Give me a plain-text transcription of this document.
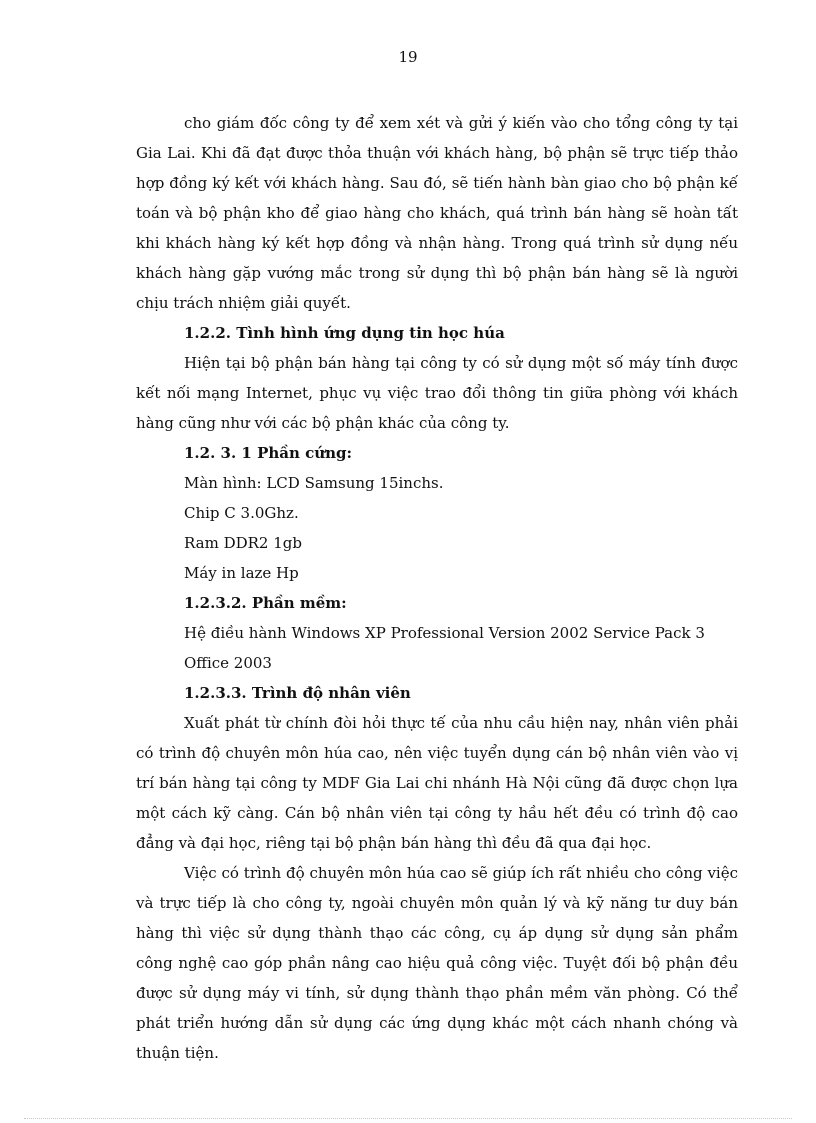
19

cho giám đốc công ty để xem xét và gửi ý kiến vào cho tổng công ty tại Gia Lai. Khi đã đạt được thỏa thuận với khách hàng, bộ phận sẽ trực tiếp thảo hợp đồng ký kết với khách hàng. Sau đó, sẽ tiến hành bàn giao cho bộ phận kế toán và bộ phận kho để giao hàng cho khách, quá trình bán hàng sẽ hoàn tất khi khách hàng ký kết hợp đồng và nhận hàng. Trong quá trình sử dụng nếu khách hàng gặp vướng mắc trong sử dụng thì bộ phận bán hàng sẽ là người chịu trách nhiệm giải quyết.

1.2.2. Tình hình ứng dụng tin học húa

Hiện tại bộ phận bán hàng tại công ty có sử dụng một số máy tính được kết nối mạng Internet, phục vụ việc trao đổi thông tin giữa phòng với khách hàng cũng như với các bộ phận khác của công ty.

1.2. 3. 1 Phần cứng:

Màn hình: LCD Samsung 15inchs.

Chip C 3.0Ghz.

Ram DDR2 1gb

Máy in laze Hp

1.2.3.2. Phần mềm:

Hệ điều hành Windows XP Professional Version 2002 Service Pack 3

Office 2003

1.2.3.3. Trình độ nhân viên

Xuất phát từ chính đòi hỏi thực tế của nhu cầu hiện nay, nhân viên phải có trình độ chuyên môn húa cao, nên việc tuyển dụng cán bộ nhân viên vào vị trí bán hàng tại công ty MDF Gia Lai chi nhánh Hà Nội cũng đã được chọn lựa một cách kỹ càng. Cán bộ nhân viên tại công ty hầu hết đều có trình độ cao đẳng và đại học, riêng tại bộ phận bán hàng thì đều đã qua đại học.

Việc có trình độ chuyên môn húa cao sẽ giúp ích rất nhiều cho công việc và trực tiếp là cho công ty, ngoài chuyên môn quản lý và kỹ năng tư duy bán hàng thì việc sử dụng thành thạo các công, cụ áp dụng sử dụng sản phẩm công nghệ cao góp phần nâng cao hiệu quả công việc. Tuyệt đối bộ phận đều được sử dụng máy vi tính, sử dụng thành thạo phần mềm văn phòng. Có thể phát triển hướng dẫn sử dụng các ứng dụng khác một cách nhanh chóng và thuận tiện.
